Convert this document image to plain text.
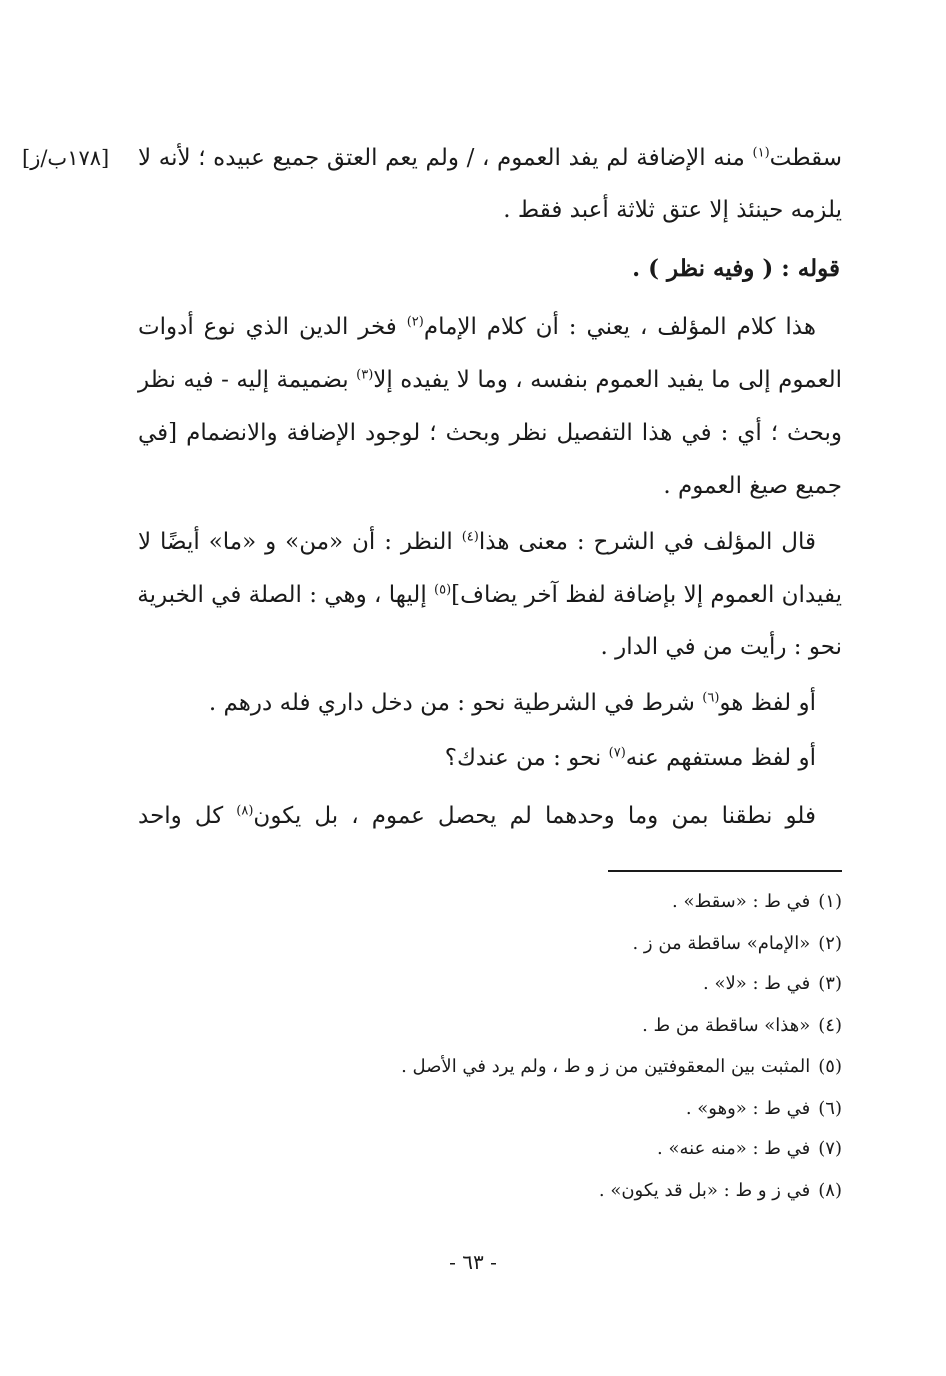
[١٧٨ب/ز]	سقطت$^{(١)}$ منه الإضافة لم يفد العموم ، / ولم يعم العتق جميع عبيده ؛ لأنه لا
يلزمه حينئذ إلا عتق ثلاثة أعبد فقط .
قوله : ( وفيه نظر ) .
هذا كلام المؤلف ، يعني : أن كلام الإمام$^{(٢)}$ فخر الدين الذي نوع أدوات
العموم إلى ما يفيد العموم بنفسه ، وما لا يفيده إلا$^{(٣)}$ بضميمة إليه - فيه نظر
وبحث ؛ أي : في هذا التفصيل نظر وبحث ؛ لوجود الإضافة والانضمام [في
جميع صيغ العموم .
قال المؤلف في الشرح : معنى هذا$^{(٤)}$ النظر : أن «من» و «ما» أيضًا لا
يفيدان العموم إلا بإضافة لفظ آخر يضاف]$^{(٥)}$ إليها ، وهي : الصلة في الخبرية
نحو : رأيت من في الدار .
أو لفظ هو$^{(٦)}$ شرط في الشرطية نحو : من دخل داري فله درهم .
أو لفظ مستفهم عنه$^{(٧)}$ نحو : من عندك؟
فلو نطقنا بمن وما وحدهما لم يحصل عموم ، بل يكون$^{(٨)}$ كل واحد
(١)في ط : «سقط» .
(٢)«الإمام» ساقطة من ز .
(٣)في ط : «لا» .
(٤)«هذا» ساقطة من ط .
(٥)المثبت بين المعقوفتين من ز و ط ، ولم يرد في الأصل .
(٦)في ط : «وهو» .
(٧)في ط : «منه عنه» .
(٨)في ز و ط : «بل قد يكون» .
- ٦٣ -
